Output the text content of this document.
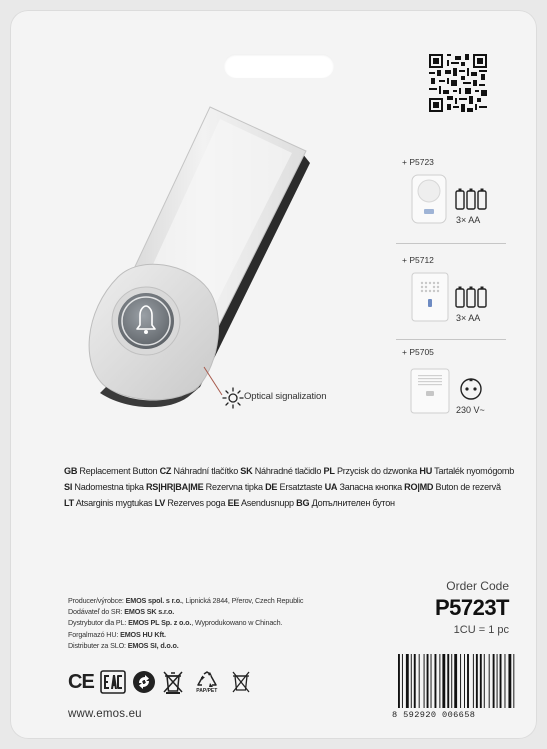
Optical signalization
+ P5723
3× AA
+ P5712
3× AA
+ P5705
230 V~
GB Replacement Button CZ Náhradní tlačítko SK Náhradné tlačidlo PL Przycisk do dzwonka HU Tartalék nyomógomb
SI Nadomestna tipka RS|HR|BA|ME Rezervna tipka DE Ersatztaste UA Запасна кнопка RO|MD Buton de rezervă
LT Atsarginis mygtukas LV Rezerves poga EE Asendusnupp BG Допълнителен бутон
Order Code
P5723T
1CU = 1 pc
Producer/výrobce: EMOS spol. s r.o., Lipnická 2844, Přerov, Czech Republic
Dodávateľ do SR: EMOS SK s.r.o.
Dystrybutor dla PL: EMOS PL Sp. z o.o., Wyprodukowano w Chinach.
Forgalmazó HU: EMOS HU Kft.
Distributer za SLO: EMOS SI, d.o.o.
CE	PAP/PET
www.emos.eu	8 592920 006658
